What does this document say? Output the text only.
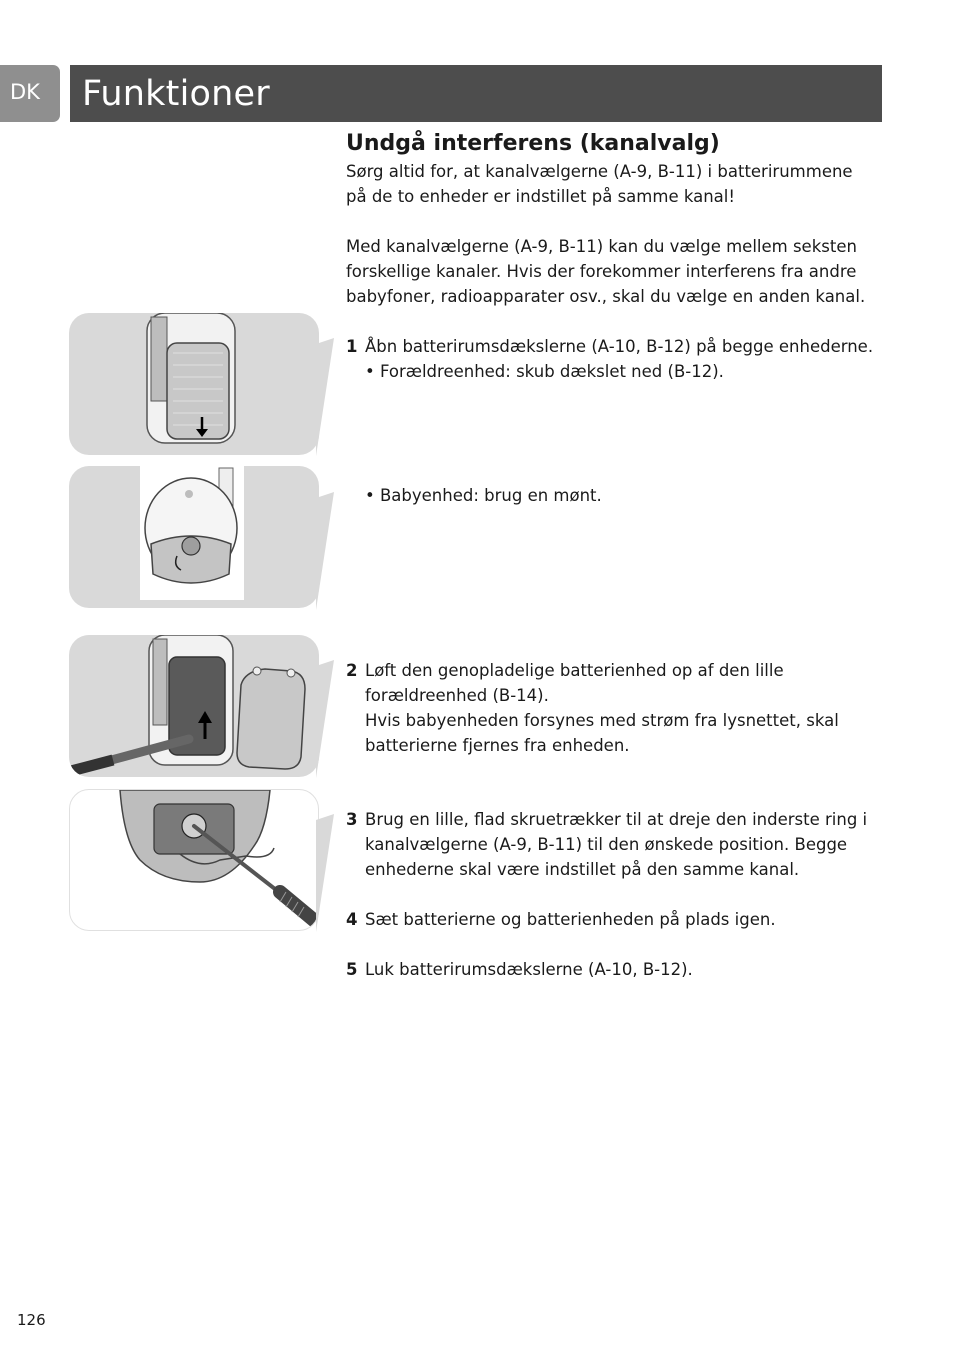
DK	Funktioner
Undgå interferens (kanalvalg)

Sørg altid for, at kanalvælgerne (A-9, B-11) i batterirummene på de to enheder er indstillet på samme kanal!

Med kanalvælgerne (A-9, B-11) kan du vælge mellem seksten forskellige kanaler. Hvis der forekommer interferens fra andre babyfoner, radioapparater osv., skal du vælge en anden kanal.

1 Åbn batterirumsdækslerne (A-10, B-12) på begge enhederne.
• Forældreenhed: skub dækslet ned (B-12).
• Babyenhed: brug en mønt.
2 Løft den genopladelige batterienhed op af den lille forældreenhed (B-14).
Hvis babyenheden forsynes med strøm fra lysnettet, skal batterierne fjernes fra enheden.
3 Brug en lille, flad skruetrækker til at dreje den inderste ring i kanalvælgerne (A-9, B-11) til den ønskede position. Begge enhederne skal være indstillet på den samme kanal.
4 Sæt batterierne og batterienheden på plads igen.
5 Luk batterirumsdækslerne (A-10, B-12).
126
